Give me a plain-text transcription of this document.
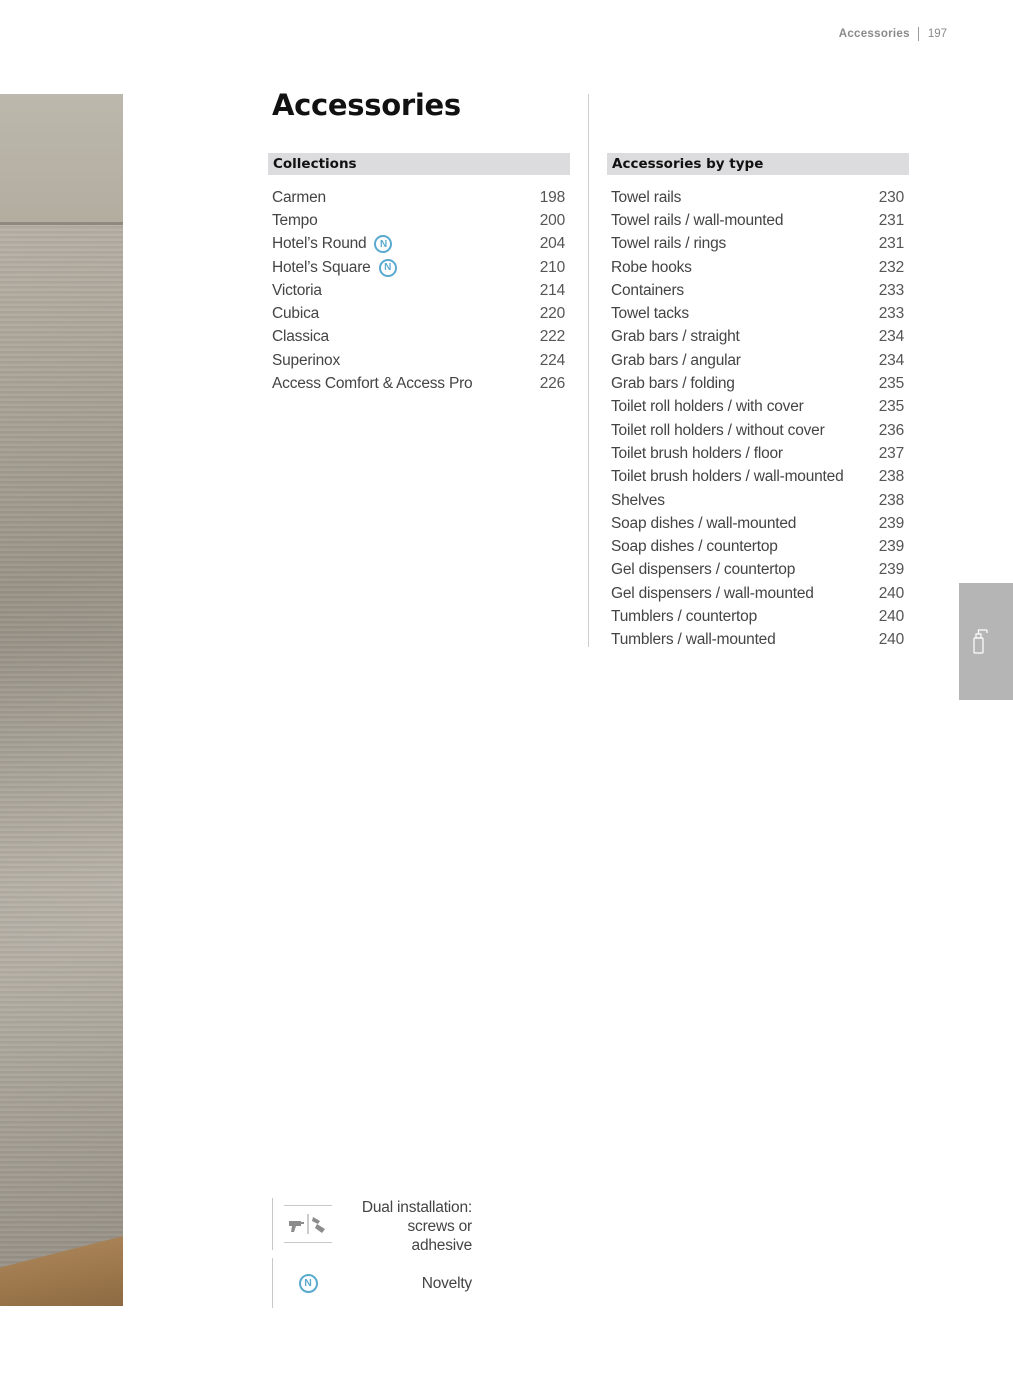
Accessories 197
Accessories
Collections
Carmen	198
Tempo	200
Hotel’s Round	N	204
Hotel’s Square	N	210
Victoria	214
Cubica	220
Classica	222
Superinox	224
Access Comfort & Access Pro	226
Accessories by type
Towel rails	230
Towel rails / wall-mounted	231
Towel rails / rings	231
Robe hooks	232
Containers	233
Towel tacks	233
Grab bars / straight	234
Grab bars / angular	234
Grab bars / folding	235
Toilet roll holders / with cover	235
Toilet roll holders / without cover	236
Toilet brush holders / floor	237
Toilet brush holders / wall-mounted 238
Shelves	238
Soap dishes / wall-mounted	239
Soap dishes / countertop	239
Gel dispensers / countertop	239
Gel dispensers / wall-mounted	240
Tumblers / countertop	240
Tumblers / wall-mounted	240
Dual installation:
screws or
adhesive
N	Novelty
